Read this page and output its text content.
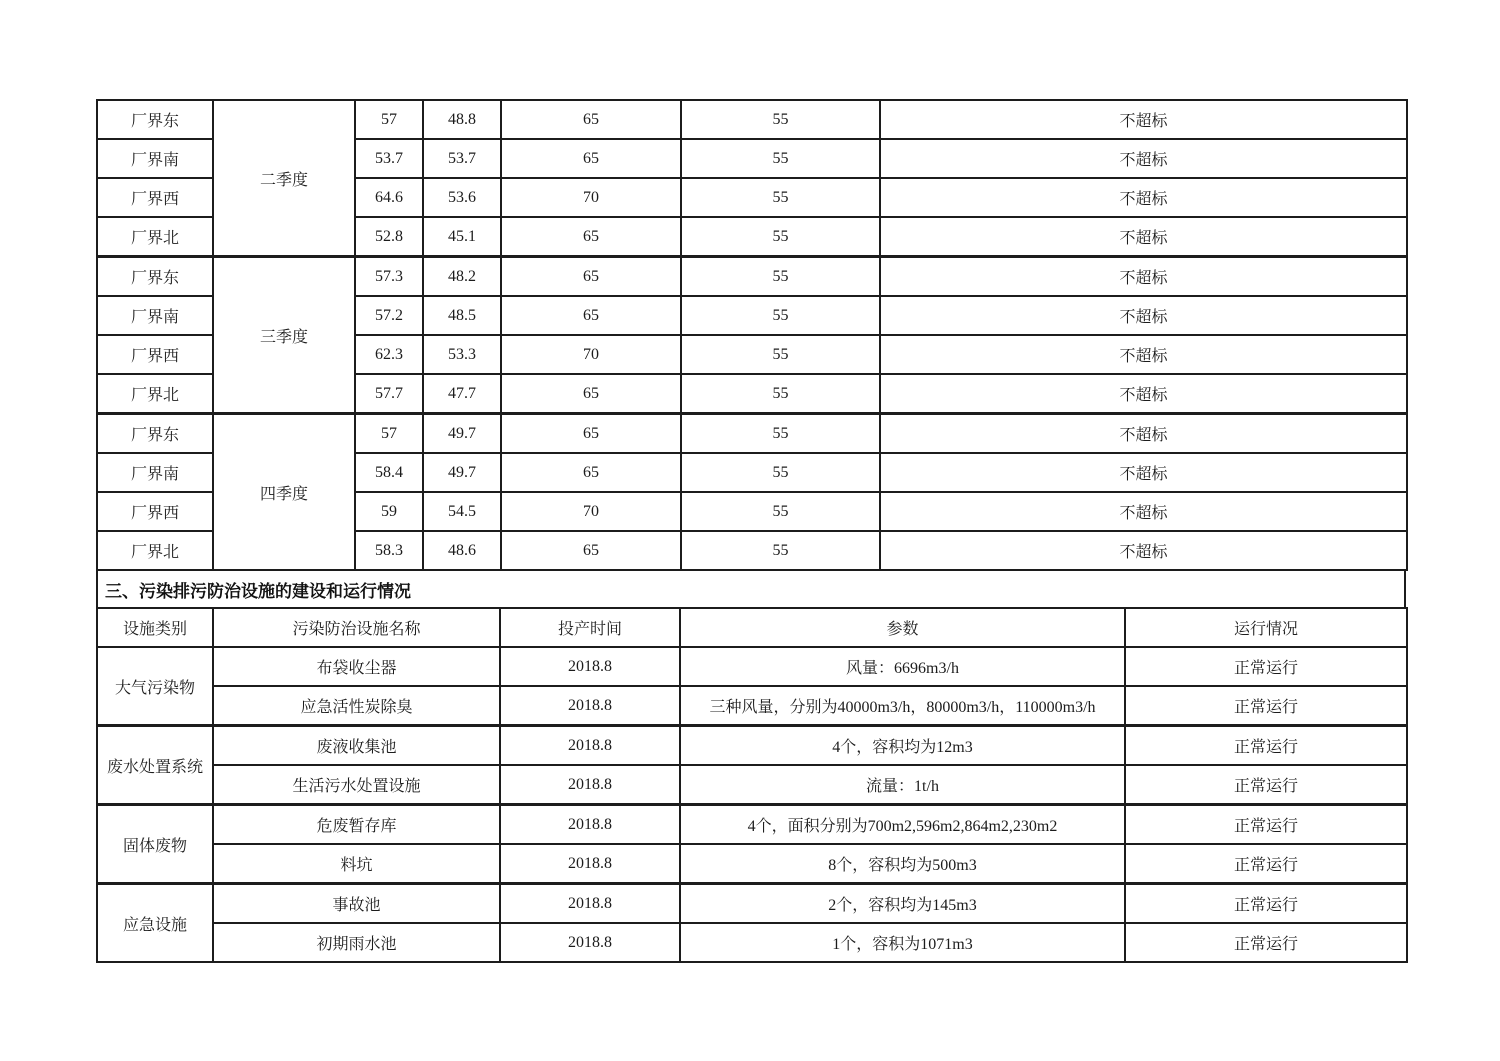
厂界东	二季度	57	48.8	65	55	不超标
厂界南		53.7	53.7	65	55	不超标
厂界西		64.6	53.6	70	55	不超标
厂界北		52.8	45.1	65	55	不超标
厂界东	三季度	57.3	48.2	65	55	不超标
厂界南		57.2	48.5	65	55	不超标
厂界西		62.3	53.3	70	55	不超标
厂界北		57.7	47.7	65	55	不超标
厂界东	四季度	57	49.7	65	55	不超标
厂界南		58.4	49.7	65	55	不超标
厂界西		59	54.5	70	55	不超标
厂界北		58.3	48.6	65	55	不超标
三、污染排污防治设施的建设和运行情况
设施类别	污染防治设施名称	投产时间	参数	运行情况
大气污染物	布袋收尘器	2018.8	风量：6696m3/h	正常运行
	应急活性炭除臭	2018.8	三种风量，分别为40000m3/h，80000m3/h，110000m3/h	正常运行
废水处置系统	废液收集池	2018.8	4个，容积均为12m3	正常运行
	生活污水处置设施	2018.8	流量：1t/h	正常运行
固体废物	危废暂存库	2018.8	4个，面积分别为700m2,596m2,864m2,230m2	正常运行
	料坑	2018.8	8个，容积均为500m3	正常运行
应急设施	事故池	2018.8	2个，容积均为145m3	正常运行
	初期雨水池	2018.8	1个，容积为1071m3	正常运行
